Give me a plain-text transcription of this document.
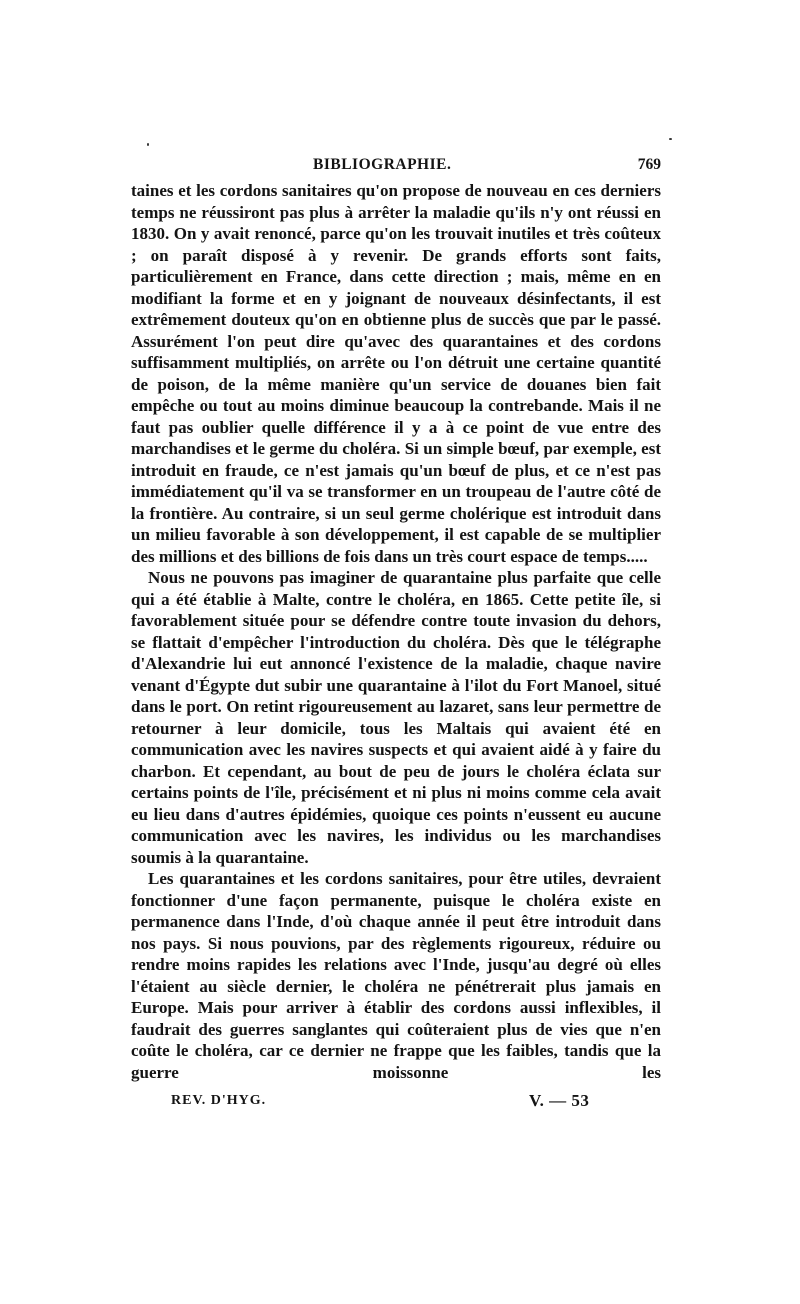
BIBLIOGRAPHIE.	769

taines et les cordons sanitaires qu'on propose de nouveau en ces derniers temps ne réussiront pas plus à arrêter la maladie qu'ils n'y ont réussi en 1830. On y avait renoncé, parce qu'on les trouvait inutiles et très coûteux ; on paraît disposé à y revenir. De grands efforts sont faits, particulièrement en France, dans cette direction ; mais, même en en modifiant la forme et en y joignant de nouveaux désinfectants, il est extrêmement douteux qu'on en obtienne plus de succès que par le passé. Assurément l'on peut dire qu'avec des quarantaines et des cordons suffisamment multipliés, on arrête ou l'on détruit une certaine quantité de poison, de la même manière qu'un service de douanes bien fait empêche ou tout au moins diminue beaucoup la contrebande. Mais il ne faut pas oublier quelle différence il y a à ce point de vue entre des marchandises et le germe du choléra. Si un simple bœuf, par exemple, est introduit en fraude, ce n'est jamais qu'un bœuf de plus, et ce n'est pas immédiatement qu'il va se transformer en un troupeau de l'autre côté de la frontière. Au contraire, si un seul germe cholérique est introduit dans un milieu favorable à son développement, il est capable de se multiplier des millions et des billions de fois dans un très court espace de temps.....

Nous ne pouvons pas imaginer de quarantaine plus parfaite que celle qui a été établie à Malte, contre le choléra, en 1865. Cette petite île, si favorablement située pour se défendre contre toute invasion du dehors, se flattait d'empêcher l'introduction du choléra. Dès que le télégraphe d'Alexandrie lui eut annoncé l'existence de la maladie, chaque navire venant d'Égypte dut subir une quarantaine à l'ilot du Fort Manoel, situé dans le port. On retint rigoureusement au lazaret, sans leur permettre de retourner à leur domicile, tous les Maltais qui avaient été en communication avec les navires suspects et qui avaient aidé à y faire du charbon. Et cependant, au bout de peu de jours le choléra éclata sur certains points de l'île, précisément et ni plus ni moins comme cela avait eu lieu dans d'autres épidémies, quoique ces points n'eussent eu aucune communication avec les navires, les individus ou les marchandises soumis à la quarantaine.

Les quarantaines et les cordons sanitaires, pour être utiles, devraient fonctionner d'une façon permanente, puisque le choléra existe en permanence dans l'Inde, d'où chaque année il peut être introduit dans nos pays. Si nous pouvions, par des règlements rigoureux, réduire ou rendre moins rapides les relations avec l'Inde, jusqu'au degré où elles l'étaient au siècle dernier, le choléra ne pénétrerait plus jamais en Europe. Mais pour arriver à établir des cordons aussi inflexibles, il faudrait des guerres sanglantes qui coûteraient plus de vies que n'en coûte le choléra, car ce dernier ne frappe que les faibles, tandis que la guerre moissonne les

REV. D'HYG.	V. — 53
